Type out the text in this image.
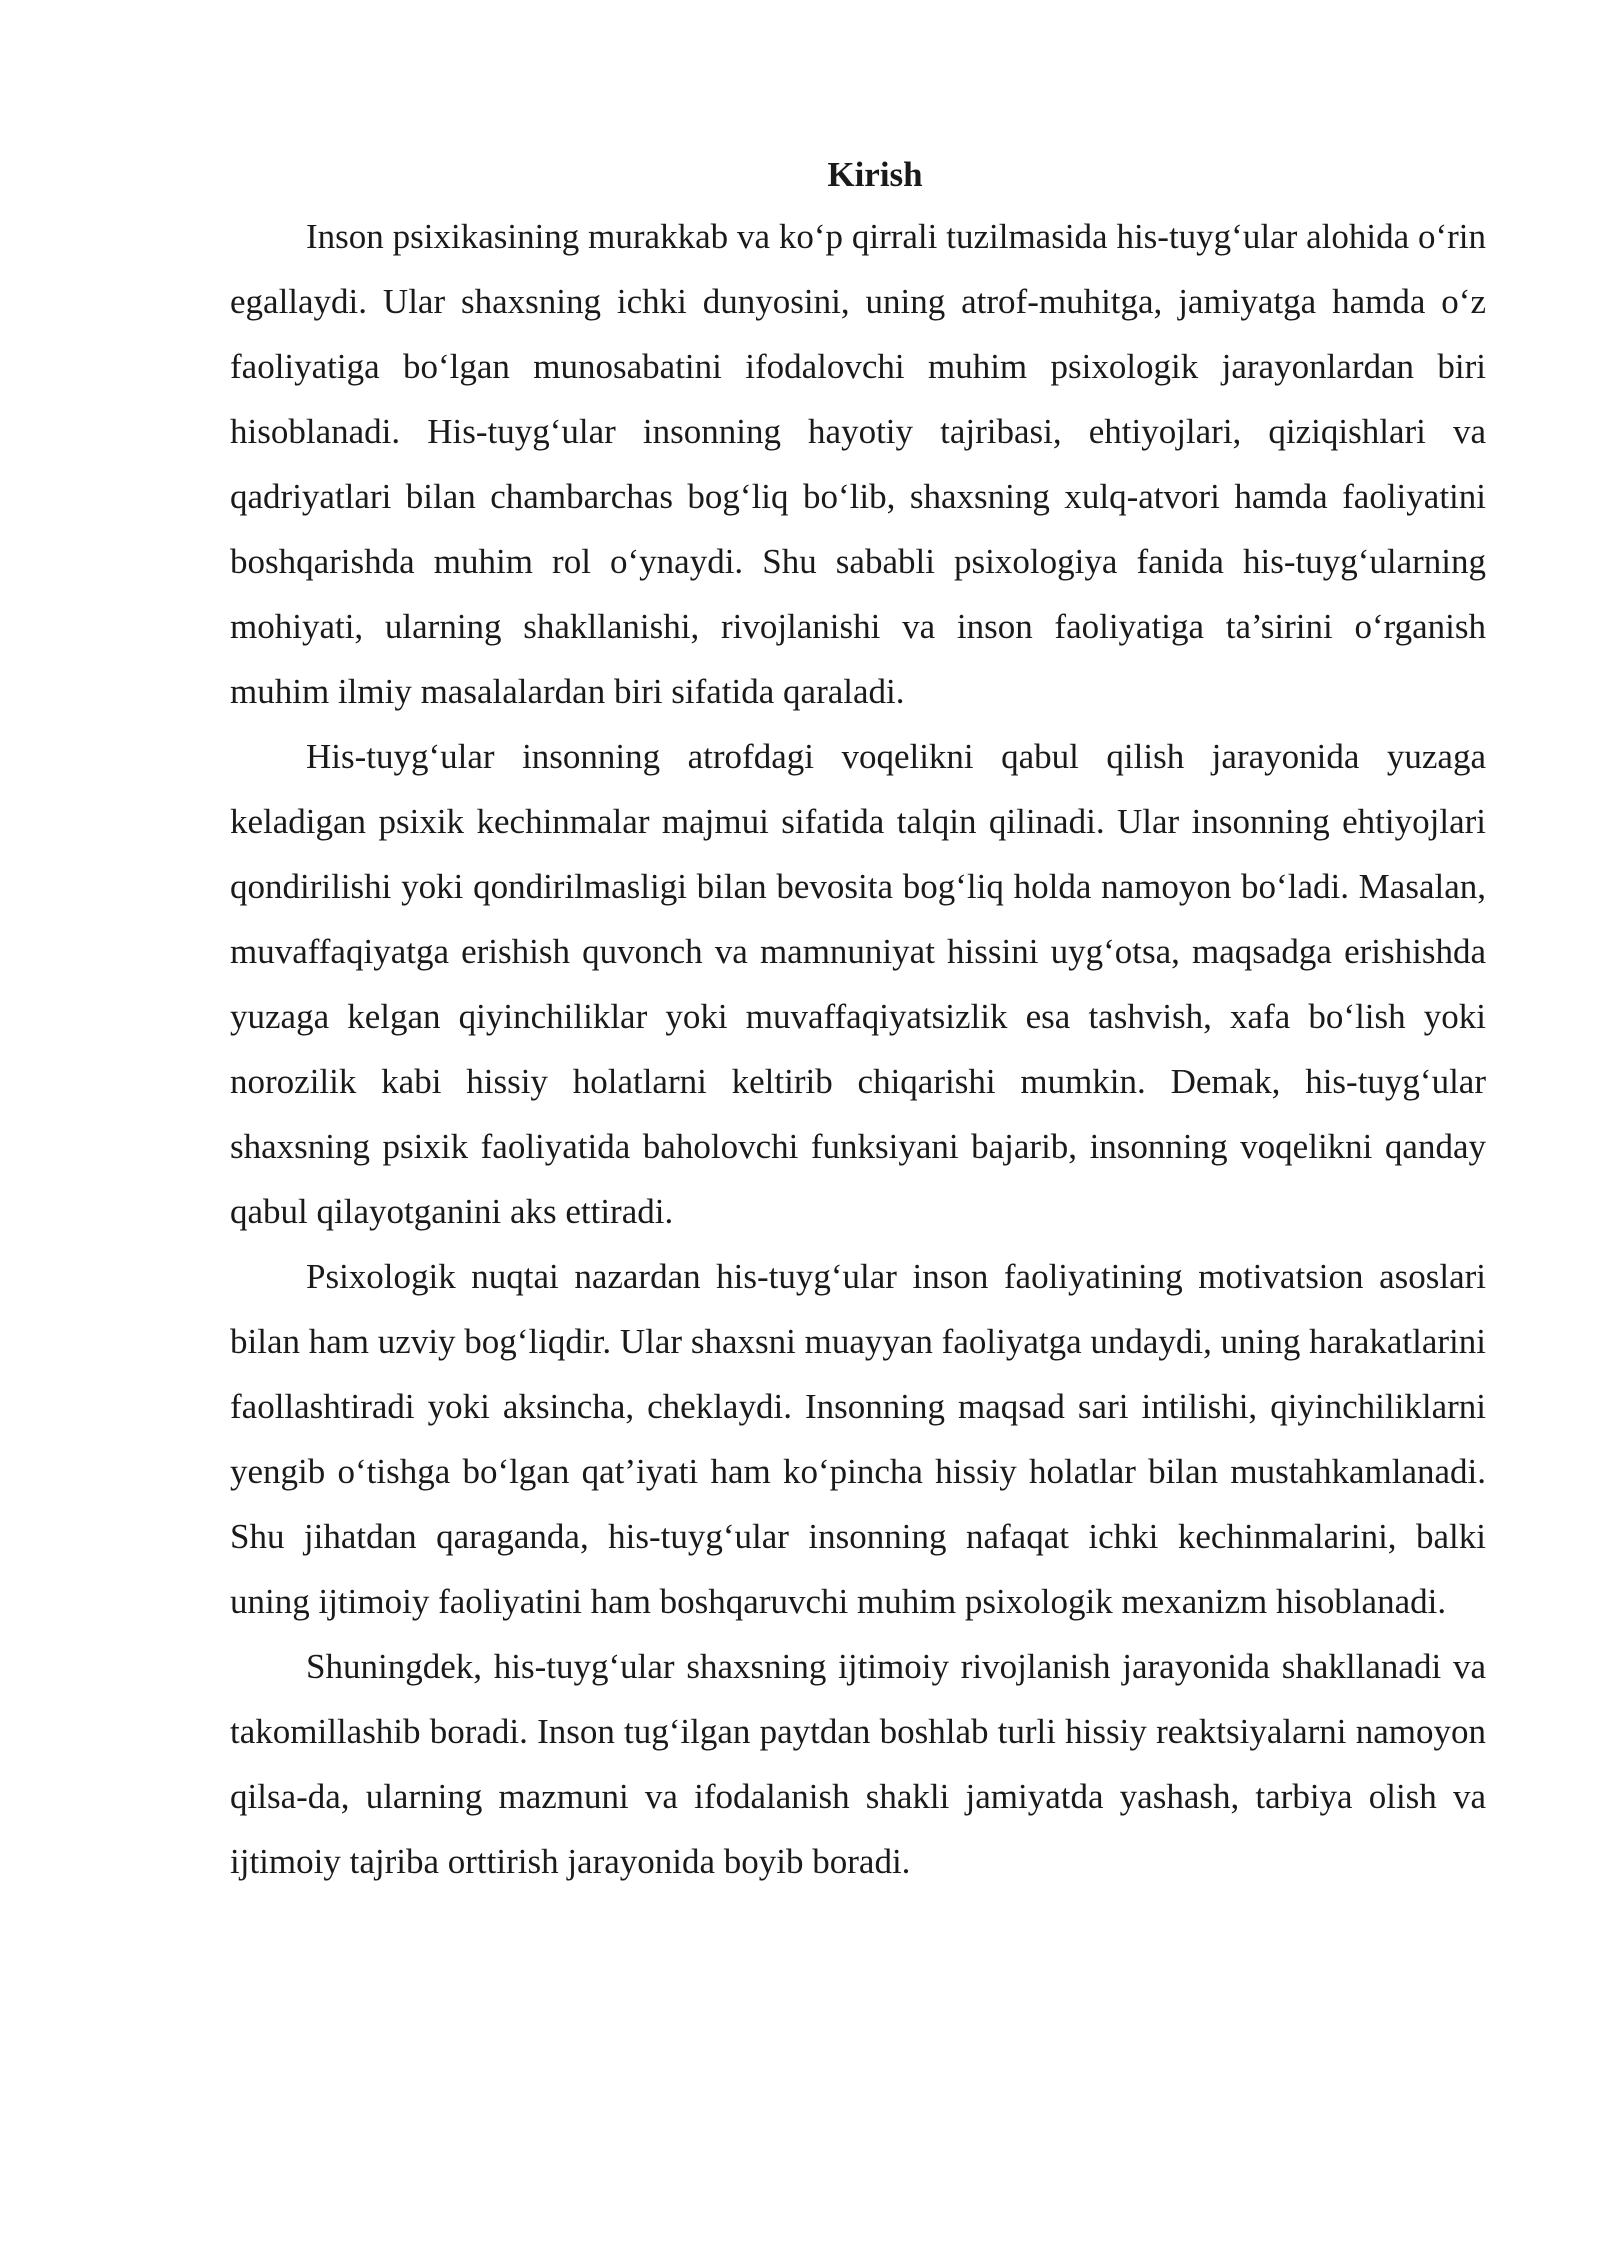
Kirish

Inson psixikasining murakkab va ko‘p qirrali tuzilmasida his-tuyg‘ular alohida o‘rin egallaydi. Ular shaxsning ichki dunyosini, uning atrof-muhitga, jamiyatga hamda o‘z faoliyatiga bo‘lgan munosabatini ifodalovchi muhim psixologik jarayonlardan biri hisoblanadi. His-tuyg‘ular insonning hayotiy tajribasi, ehtiyojlari, qiziqishlari va qadriyatlari bilan chambarchas bog‘liq bo‘lib, shaxsning xulq-atvori hamda faoliyatini boshqarishda muhim rol o‘ynaydi. Shu sababli psixologiya fanida his-tuyg‘ularning mohiyati, ularning shakllanishi, rivojlanishi va inson faoliyatiga ta’sirini o‘rganish muhim ilmiy masalalardan biri sifatida qaraladi.

His-tuyg‘ular insonning atrofdagi voqelikni qabul qilish jarayonida yuzaga keladigan psixik kechinmalar majmui sifatida talqin qilinadi. Ular insonning ehtiyojlari qondirilishi yoki qondirilmasligi bilan bevosita bog‘liq holda namoyon bo‘ladi. Masalan, muvaffaqiyatga erishish quvonch va mamnuniyat hissini uyg‘otsa, maqsadga erishishda yuzaga kelgan qiyinchiliklar yoki muvaffaqiyatsizlik esa tashvish, xafa bo‘lish yoki norozilik kabi hissiy holatlarni keltirib chiqarishi mumkin. Demak, his-tuyg‘ular shaxsning psixik faoliyatida baholovchi funksiyani bajarib, insonning voqelikni qanday qabul qilayotganini aks ettiradi.

Psixologik nuqtai nazardan his-tuyg‘ular inson faoliyatining motivatsion asoslari bilan ham uzviy bog‘liqdir. Ular shaxsni muayyan faoliyatga undaydi, uning harakatlarini faollashtiradi yoki aksincha, cheklaydi. Insonning maqsad sari intilishi, qiyinchiliklarni yengib o‘tishga bo‘lgan qat’iyati ham ko‘pincha hissiy holatlar bilan mustahkamlanadi. Shu jihatdan qaraganda, his-tuyg‘ular insonning nafaqat ichki kechinmalarini, balki uning ijtimoiy faoliyatini ham boshqaruvchi muhim psixologik mexanizm hisoblanadi.

Shuningdek, his-tuyg‘ular shaxsning ijtimoiy rivojlanish jarayonida shakllanadi va takomillashib boradi. Inson tug‘ilgan paytdan boshlab turli hissiy reaktsiyalarni namoyon qilsa-da, ularning mazmuni va ifodalanish shakli jamiyatda yashash, tarbiya olish va ijtimoiy tajriba orttirish jarayonida boyib boradi.
